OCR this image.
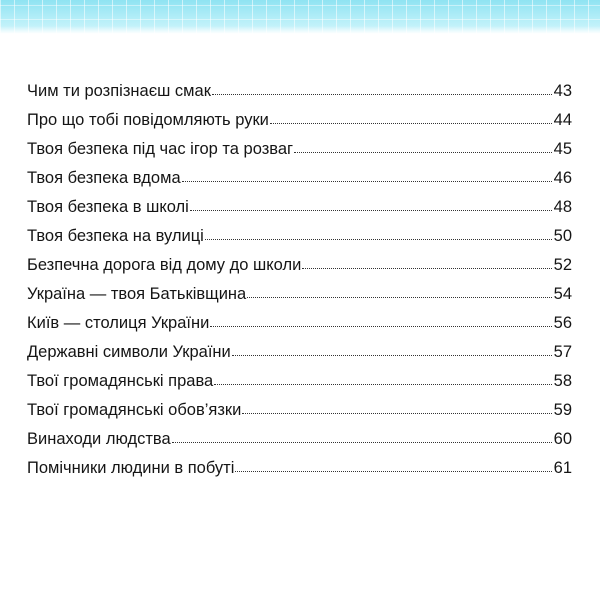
Чим ти розпізнаєш смак	43
Про що тобі повідомляють руки	44
Твоя безпека під час ігор та розваг	45
Твоя безпека вдома	46
Твоя безпека в школі	48
Твоя безпека на вулиці	50
Безпечна дорога від дому до школи	52
Україна — твоя Батьківщина	54
Київ — столиця України	56
Державні символи України	57
Твої громадянські права	58
Твої громадянські обов’язки	59
Винаходи людства	60
Помічники людини в побуті	61
